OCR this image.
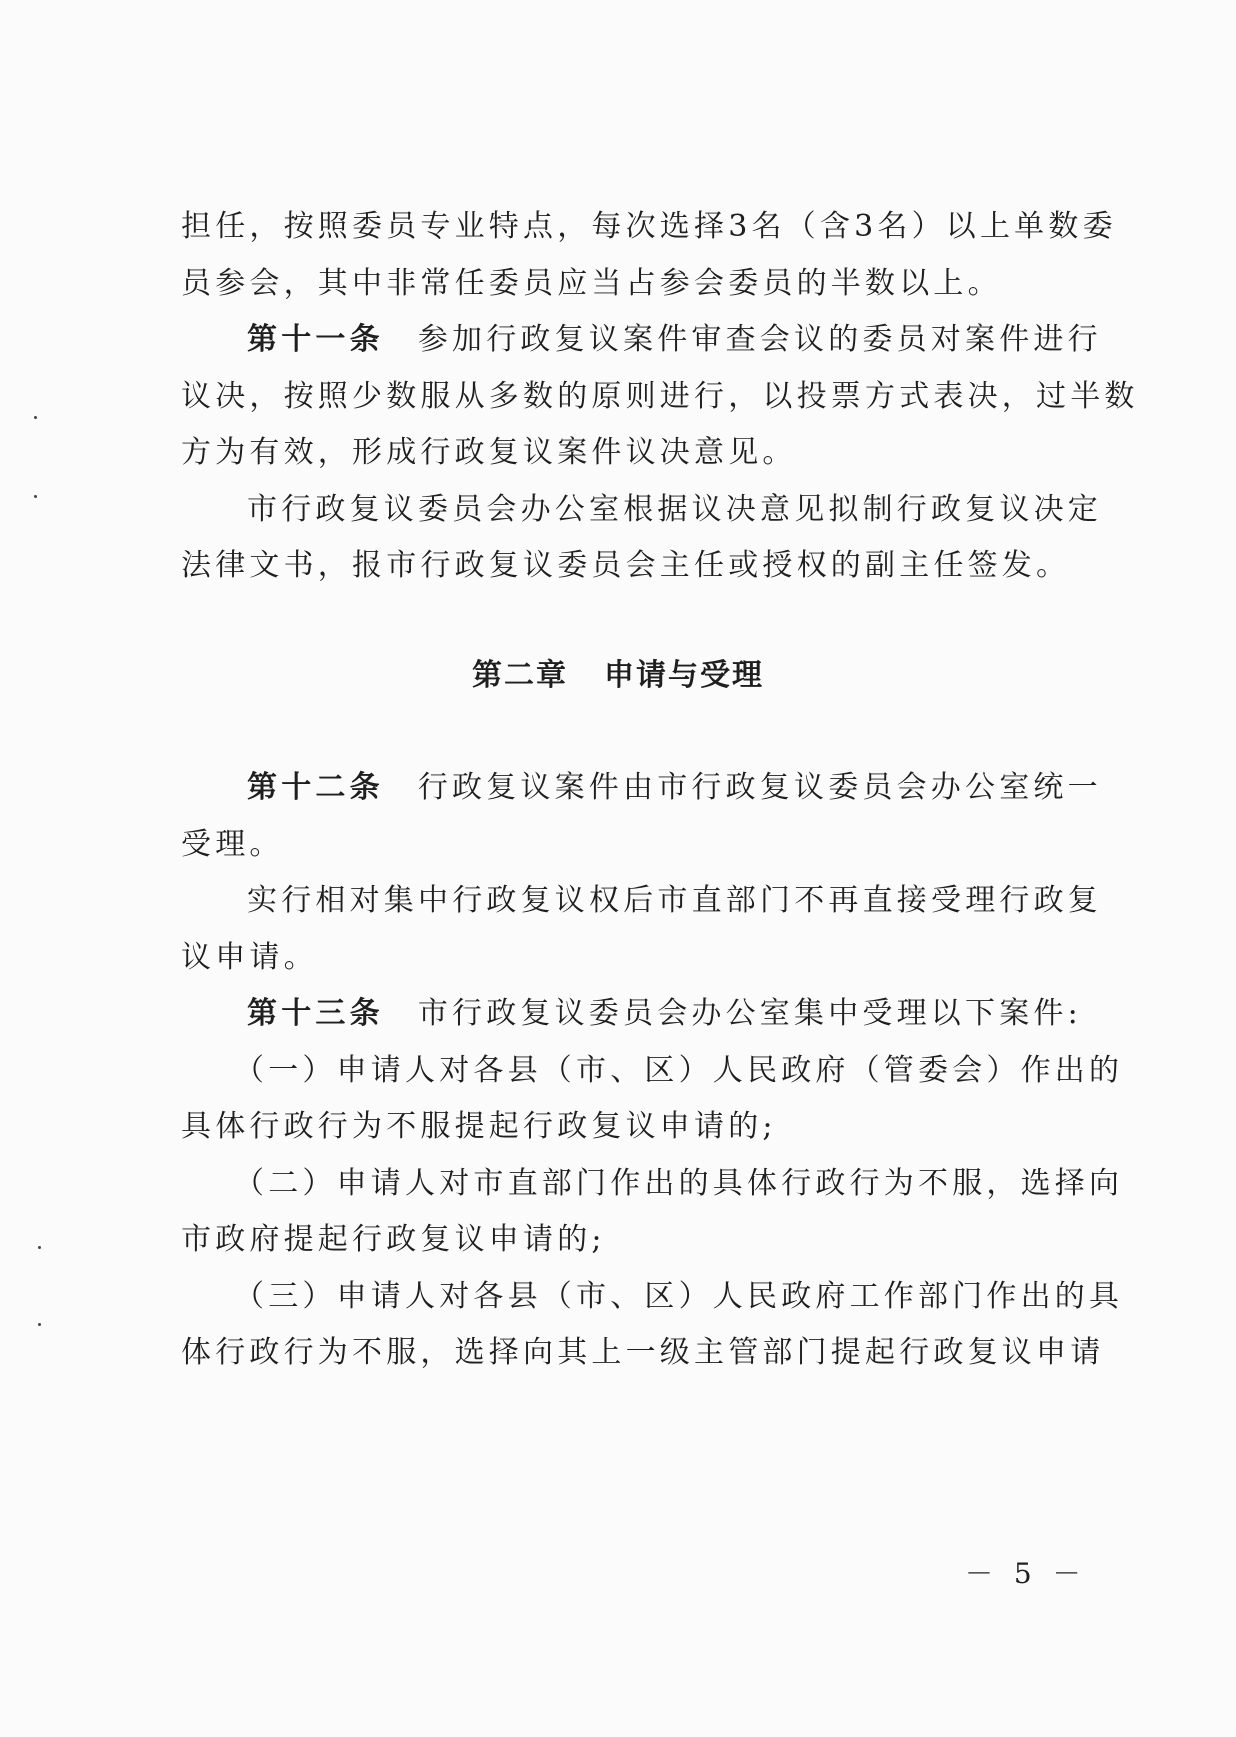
担任，按照委员专业特点，每次选择3名（含3名）以上单数委
员参会，其中非常任委员应当占参会委员的半数以上。
第十一条 参加行政复议案件审查会议的委员对案件进行
议决，按照少数服从多数的原则进行，以投票方式表决，过半数
方为有效，形成行政复议案件议决意见。
市行政复议委员会办公室根据议决意见拟制行政复议决定
法律文书，报市行政复议委员会主任或授权的副主任签发。
第二章 申请与受理
第十二条 行政复议案件由市行政复议委员会办公室统一
受理。
实行相对集中行政复议权后市直部门不再直接受理行政复
议申请。
第十三条 市行政复议委员会办公室集中受理以下案件:
（一）申请人对各县（市、区）人民政府（管委会）作出的
具体行政行为不服提起行政复议申请的;
（二）申请人对市直部门作出的具体行政行为不服，选择向
市政府提起行政复议申请的;
（三）申请人对各县（市、区）人民政府工作部门作出的具
体行政行为不服，选择向其上一级主管部门提起行政复议申请
－ 5 －
